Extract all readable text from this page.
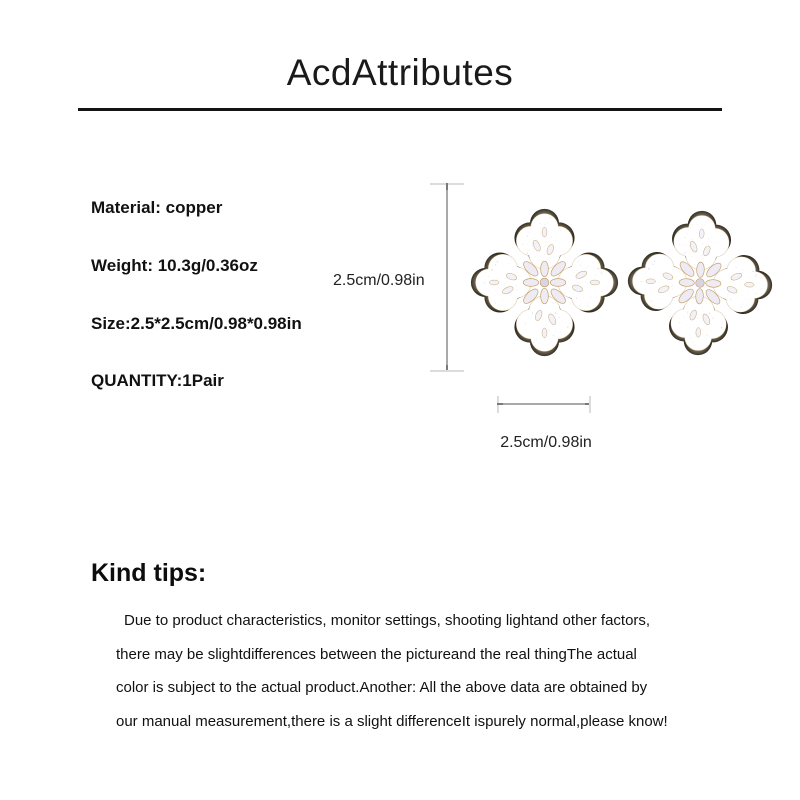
AcdAttributes
Material: copper
Weight: 10.3g/0.36oz
Size:2.5*2.5cm/0.98*0.98in
QUANTITY:1Pair
2.5cm/0.98in
2.5cm/0.98in
Kind tips:
Due to product characteristics, monitor settings, shooting lightand other factors,
there may be slightdifferences between the pictureand the real thingThe actual
color is subject to the actual product.Another: All the above data are obtained by
our manual measurement,there is a slight differenceIt ispurely normal,please know!
